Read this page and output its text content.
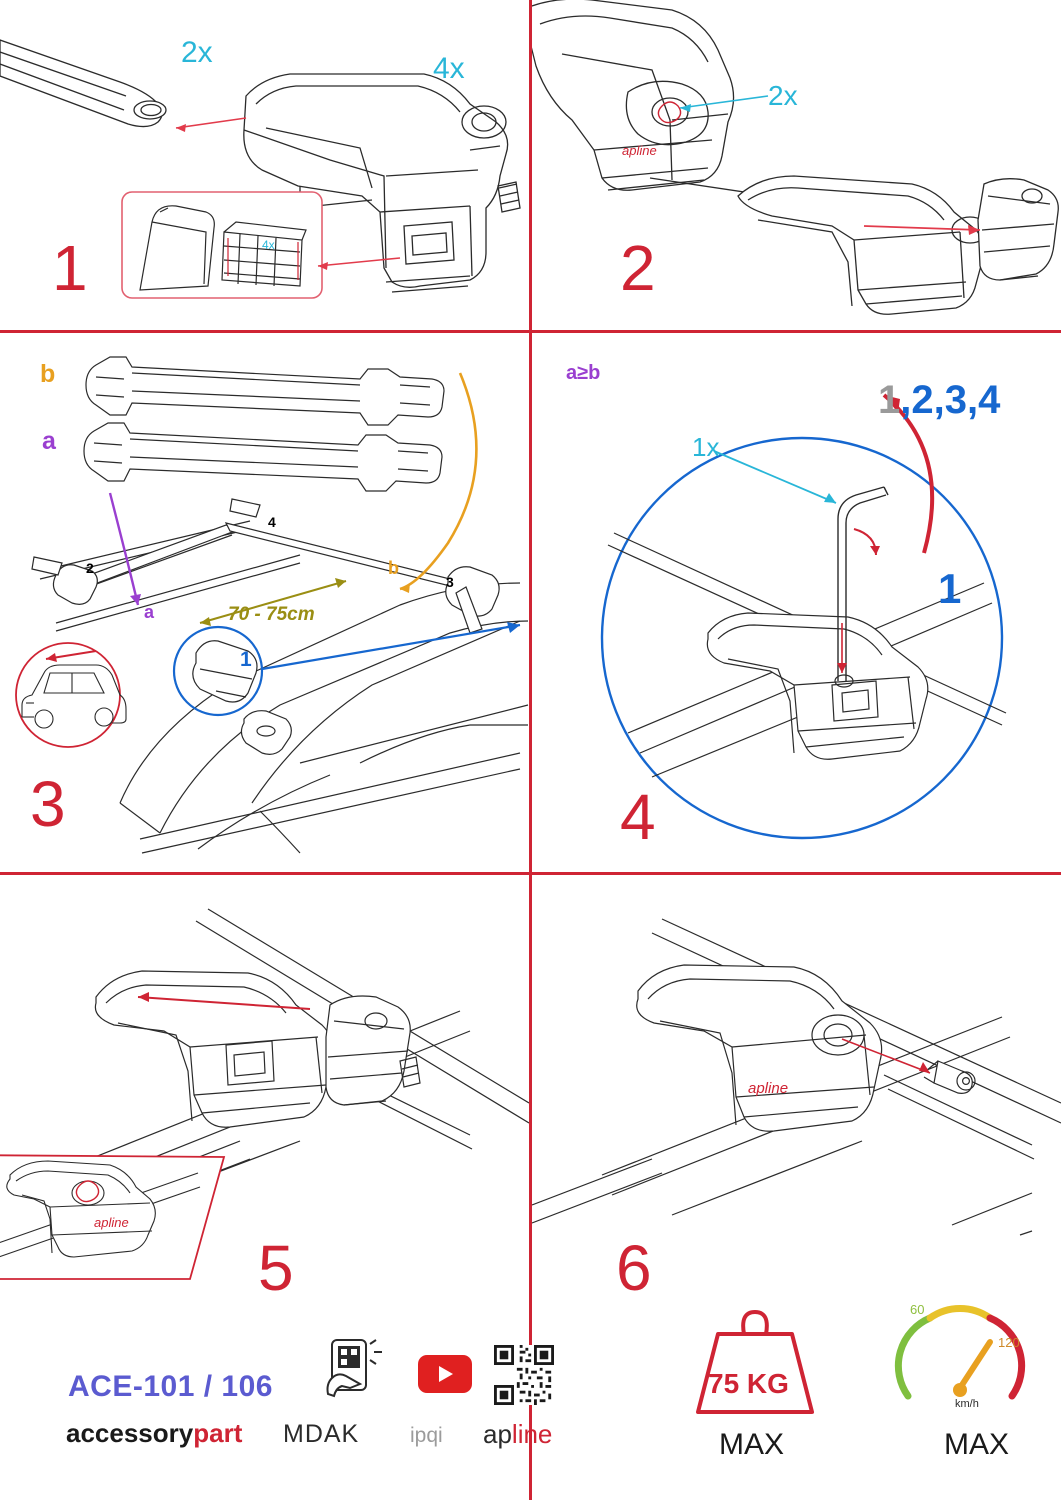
2x	4x
4x
1
apline
2x
2
b
a
a
b
70 - 75cm
1
2
3
4
3
a≥b
1x
1,2,3,4
1
4
apline
5
apline
6
ACE-101 / 106
accessorypart MDAK ipqi apline
75 KG
MAX
60
120
km/h
MAX
